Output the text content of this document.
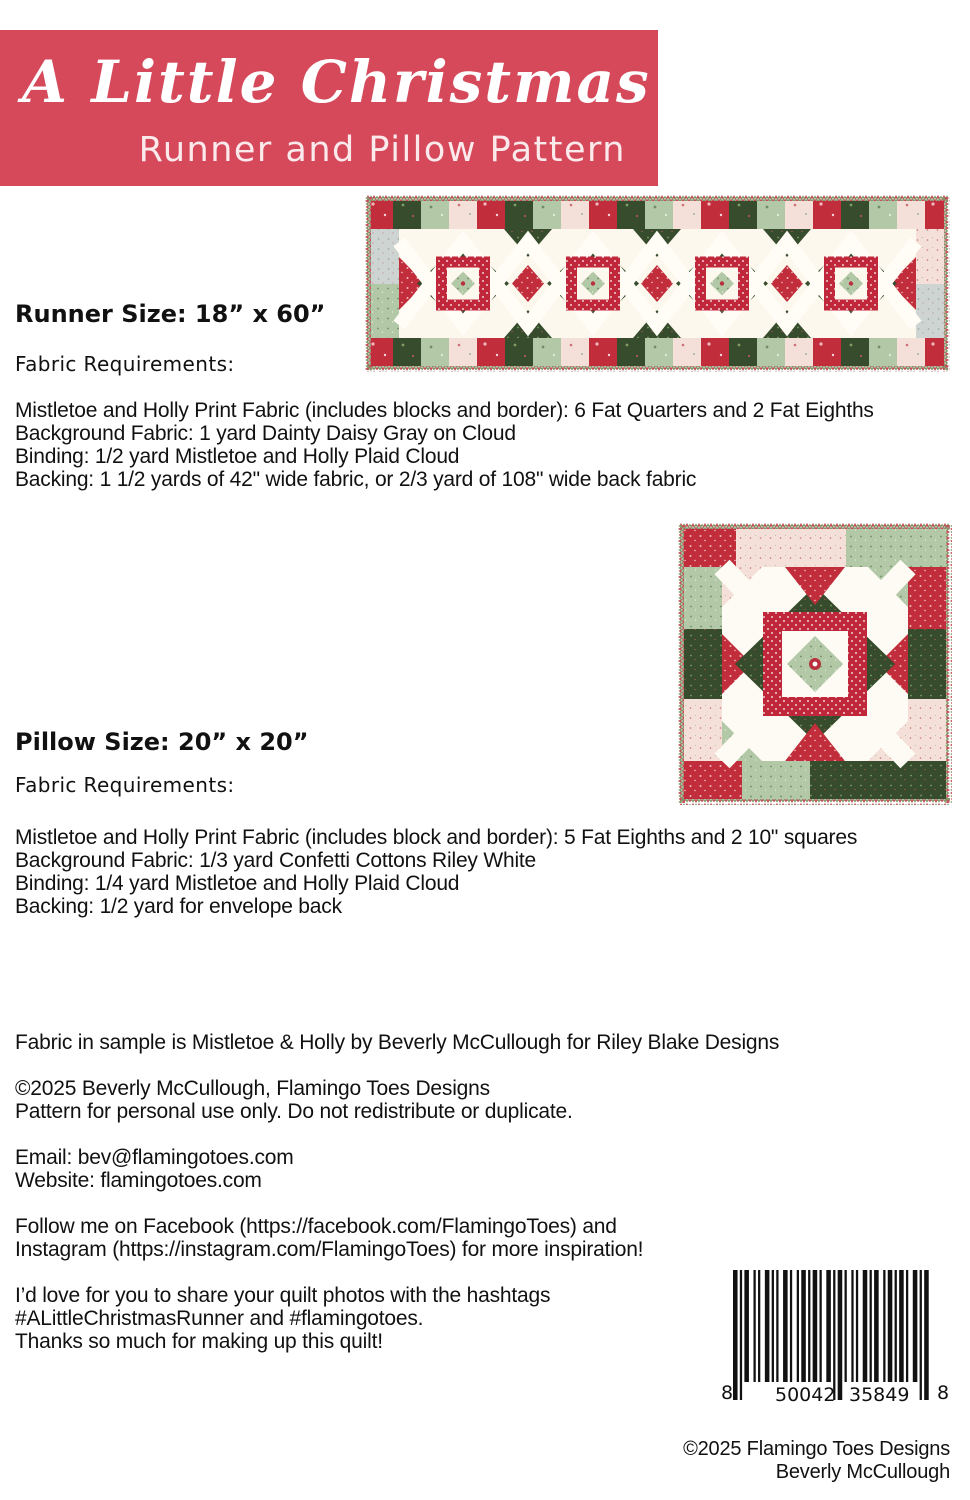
A Little Christmas
Runner and Pillow Pattern
Runner Size: 18” x 60”
Fabric Requirements:
Mistletoe and Holly Print Fabric (includes blocks and border): 6 Fat Quarters and 2 Fat Eighths
Background Fabric: 1 yard Dainty Daisy Gray on Cloud
Binding: 1/2 yard Mistletoe and Holly Plaid Cloud
Backing: 1 1/2 yards of 42" wide fabric, or 2/3 yard of 108" wide back fabric
Pillow Size: 20” x 20”
Fabric Requirements:
Mistletoe and Holly Print Fabric (includes block and border): 5 Fat Eighths and 2 10" squares
Background Fabric: 1/3 yard Confetti Cottons Riley White
Binding: 1/4 yard Mistletoe and Holly Plaid Cloud
Backing: 1/2 yard for envelope back

Fabric in sample is Mistletoe & Holly by Beverly McCullough for Riley Blake Designs

©2025 Beverly McCullough, Flamingo Toes Designs
Pattern for personal use only. Do not redistribute or duplicate.

Email: bev@flamingotoes.com
Website: flamingotoes.com

Follow me on Facebook (https://facebook.com/FlamingoToes) and
Instagram (https://instagram.com/FlamingoToes) for more inspiration!

I’d love for you to share your quilt photos with the hashtags
#ALittleChristmasRunner and #flamingotoes.
Thanks so much for making up this quilt!

8 50042 35849 8
©2025 Flamingo Toes Designs
Beverly McCullough
